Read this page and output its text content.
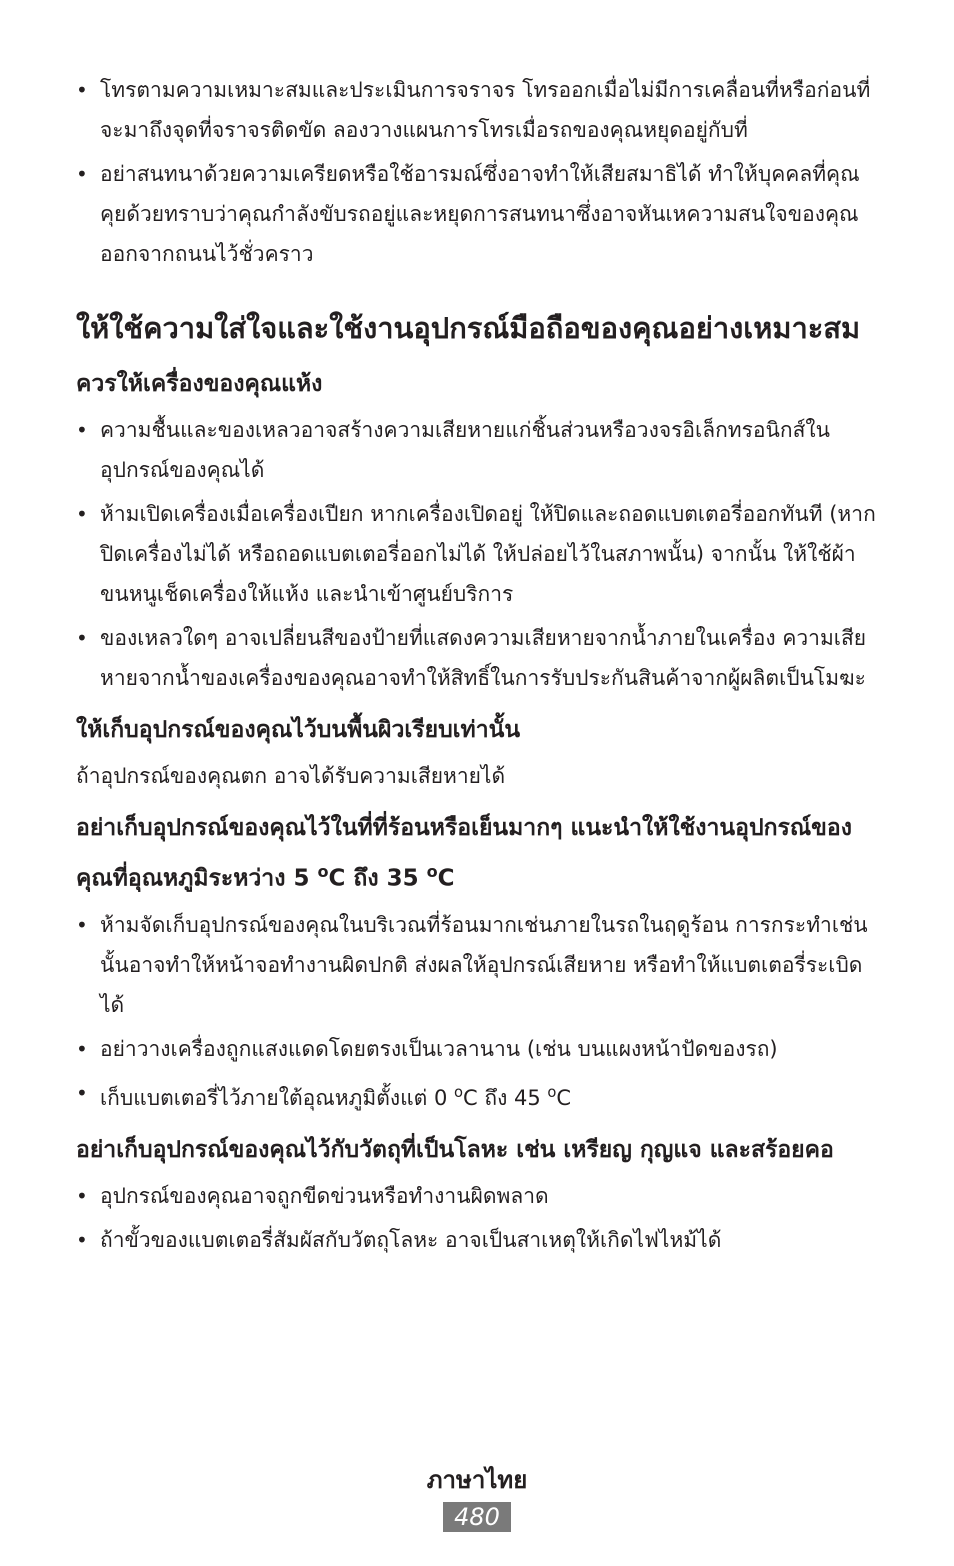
• โทรตามความเหมาะสมและประเมินการจราจร โทรออกเมื่อไม่มีการเคลื่อนที่หรือก่อนที่จะมาถึงจุดที่จราจรติดขัด ลองวางแผนการโทรเมื่อรถของคุณหยุดอยู่กับที่
• อย่าสนทนาด้วยความเครียดหรือใช้อารมณ์ซึ่งอาจทำให้เสียสมาธิได้ ทำให้บุคคลที่คุณคุยด้วยทราบว่าคุณกำลังขับรถอยู่และหยุดการสนทนาซึ่งอาจหันเหความสนใจของคุณออกจากถนนไว้ชั่วคราว
ให้ใช้ความใส่ใจและใช้งานอุปกรณ์มือถือของคุณอย่างเหมาะสม
ควรให้เครื่องของคุณแห้ง
• ความชื้นและของเหลวอาจสร้างความเสียหายแก่ชิ้นส่วนหรือวงจรอิเล็กทรอนิกส์ในอุปกรณ์ของคุณได้
• ห้ามเปิดเครื่องเมื่อเครื่องเปียก หากเครื่องเปิดอยู่ ให้ปิดและถอดแบตเตอรี่ออกทันที (หากปิดเครื่องไม่ได้ หรือถอดแบตเตอรี่ออกไม่ได้ ให้ปล่อยไว้ในสภาพนั้น) จากนั้น ให้ใช้ผ้าขนหนูเช็ดเครื่องให้แห้ง และนำเข้าศูนย์บริการ
• ของเหลวใดๆ อาจเปลี่ยนสีของป้ายที่แสดงความเสียหายจากน้ำภายในเครื่อง ความเสียหายจากน้ำของเครื่องของคุณอาจทำให้สิทธิ์ในการรับประกันสินค้าจากผู้ผลิตเป็นโมฆะ
ให้เก็บอุปกรณ์ของคุณไว้บนพื้นผิวเรียบเท่านั้น
ถ้าอุปกรณ์ของคุณตก อาจได้รับความเสียหายได้
อย่าเก็บอุปกรณ์ของคุณไว้ในที่ที่ร้อนหรือเย็นมากๆ แนะนำให้ใช้งานอุปกรณ์ของคุณที่อุณหภูมิระหว่าง 5 $^o$C ถึง 35 $^o$C
• ห้ามจัดเก็บอุปกรณ์ของคุณในบริเวณที่ร้อนมากเช่นภายในรถในฤดูร้อน การกระทำเช่นนั้นอาจทำให้หน้าจอทำงานผิดปกติ ส่งผลให้อุปกรณ์เสียหาย หรือทำให้แบตเตอรี่ระเบิดได้
• อย่าวางเครื่องถูกแสงแดดโดยตรงเป็นเวลานาน (เช่น บนแผงหน้าปัดของรถ)
• เก็บแบตเตอรี่ไว้ภายใต้อุณหภูมิตั้งแต่ 0 $^o$C ถึง 45 $^o$C
อย่าเก็บอุปกรณ์ของคุณไว้กับวัตถุที่เป็นโลหะ เช่น เหรียญ กุญแจ และสร้อยคอ
• อุปกรณ์ของคุณอาจถูกขีดข่วนหรือทำงานผิดพลาด
• ถ้าขั้วของแบตเตอรี่สัมผัสกับวัตถุโลหะ อาจเป็นสาเหตุให้เกิดไฟไหม้ได้
ภาษาไทย
480
